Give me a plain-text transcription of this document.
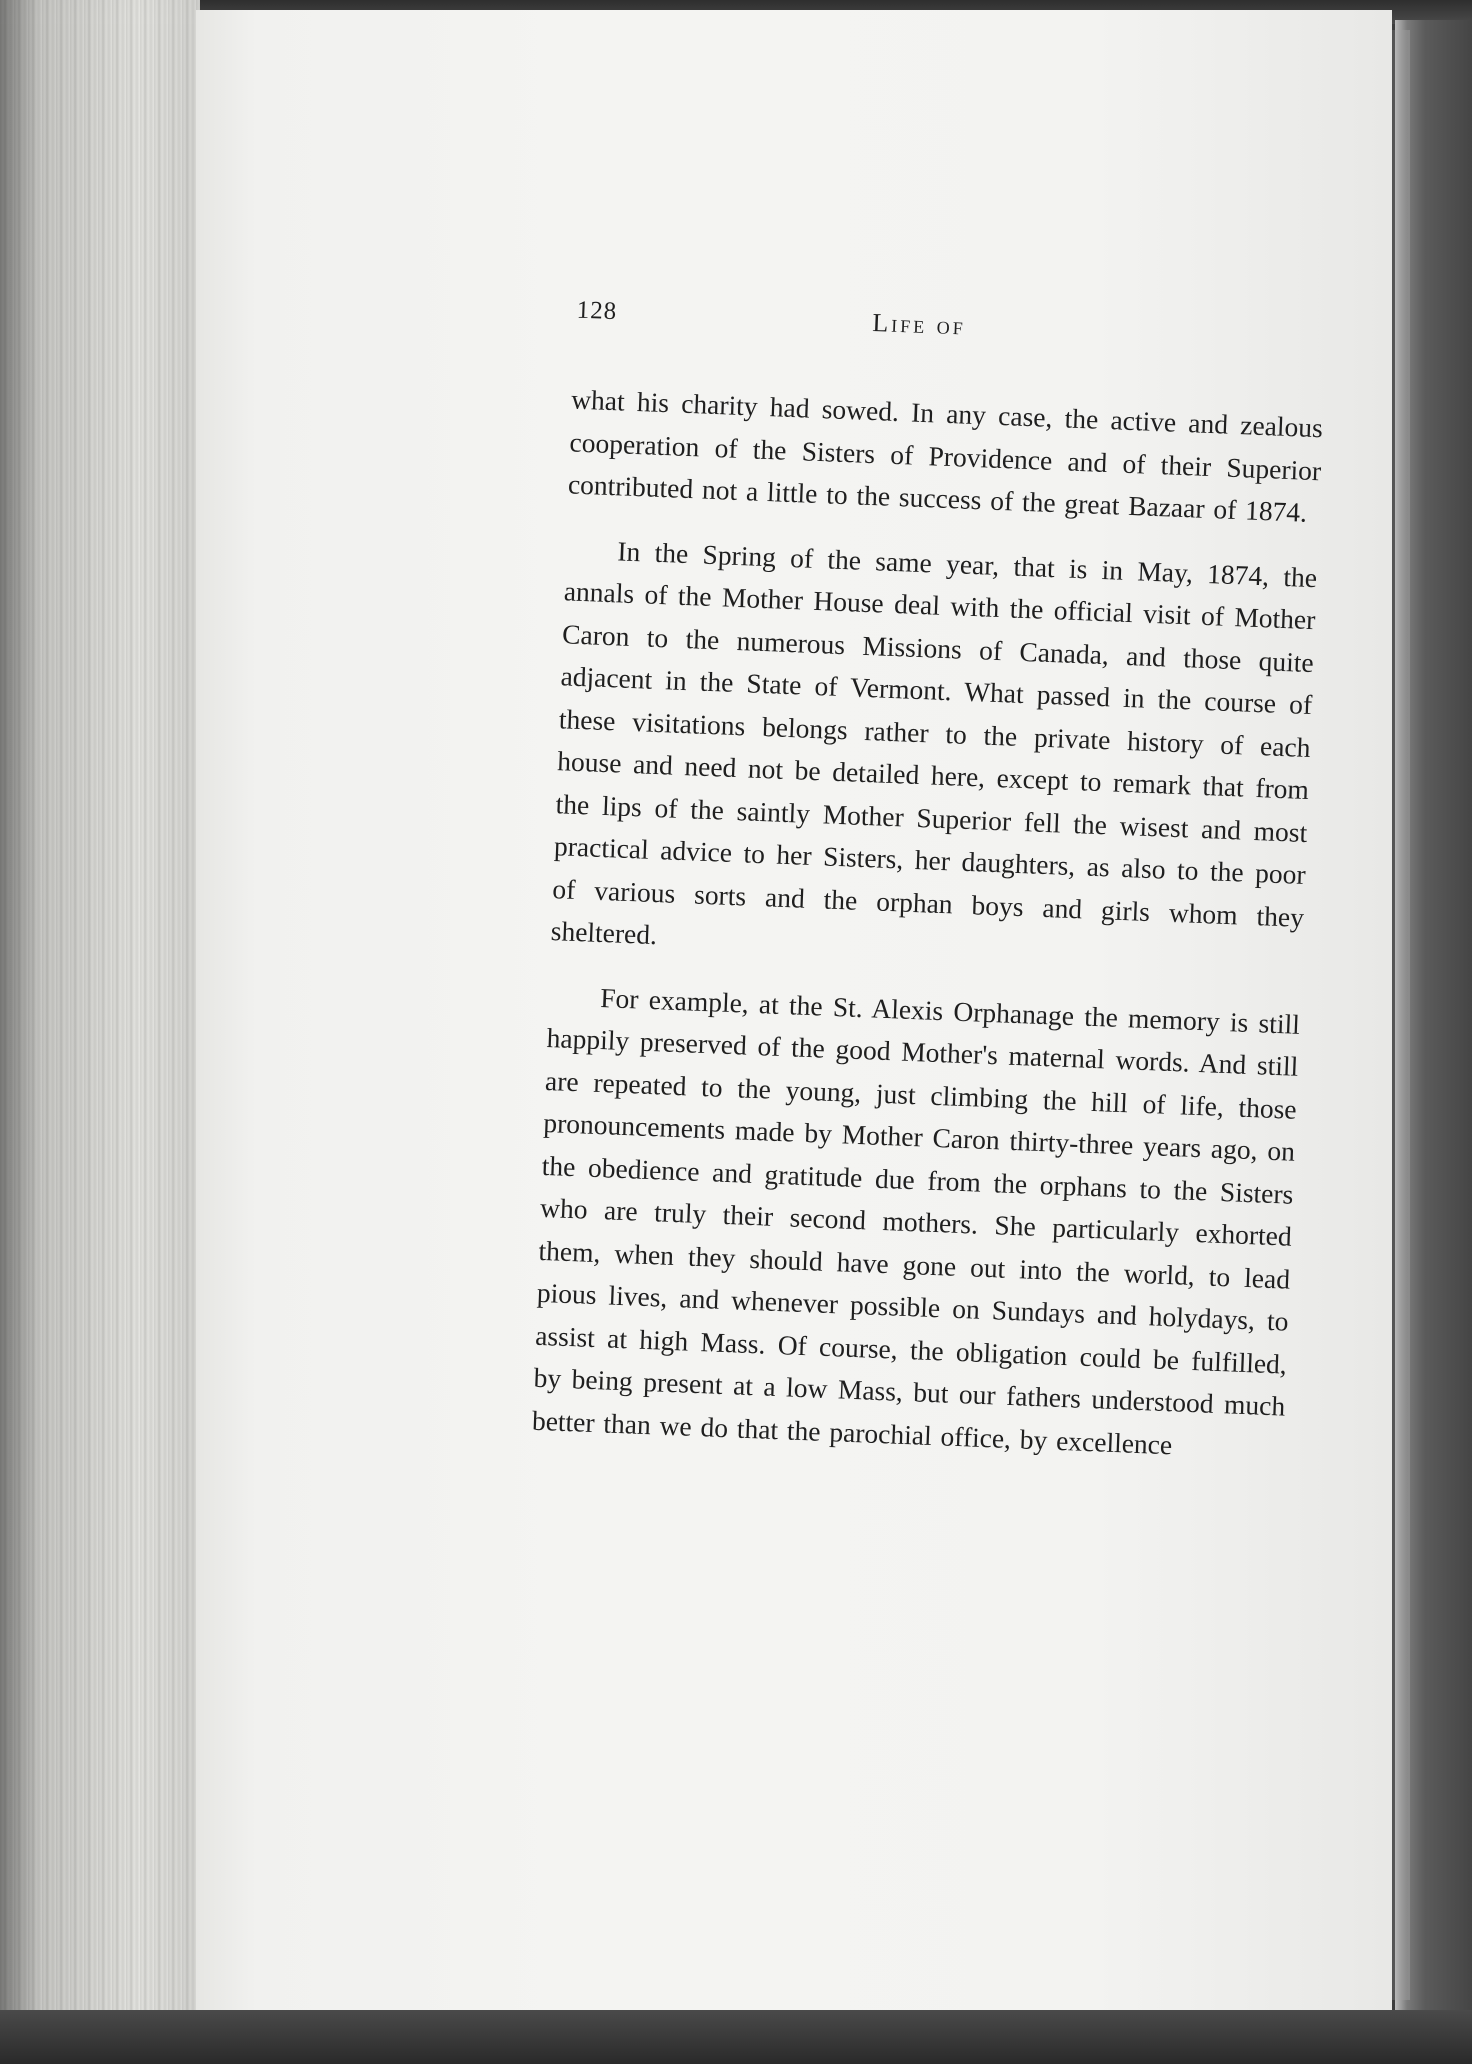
128	Life of

what his charity had sowed. In any case, the active and zealous cooperation of the Sisters of Providence and of their Superior contributed not a little to the success of the great Bazaar of 1874.

In the Spring of the same year, that is in May, 1874, the annals of the Mother House deal with the official visit of Mother Caron to the numerous Missions of Canada, and those quite adjacent in the State of Vermont. What passed in the course of these visitations belongs rather to the private history of each house and need not be detailed here, except to remark that from the lips of the saintly Mother Superior fell the wisest and most practical advice to her Sisters, her daughters, as also to the poor of various sorts and the orphan boys and girls whom they sheltered.

For example, at the St. Alexis Orphanage the memory is still happily preserved of the good Mother's maternal words. And still are repeated to the young, just climbing the hill of life, those pronouncements made by Mother Caron thirty-three years ago, on the obedience and gratitude due from the orphans to the Sisters who are truly their second mothers. She particularly exhorted them, when they should have gone out into the world, to lead pious lives, and whenever possible on Sundays and holydays, to assist at high Mass. Of course, the obligation could be fulfilled, by being present at a low Mass, but our fathers understood much better than we do that the parochial office, by excellence
